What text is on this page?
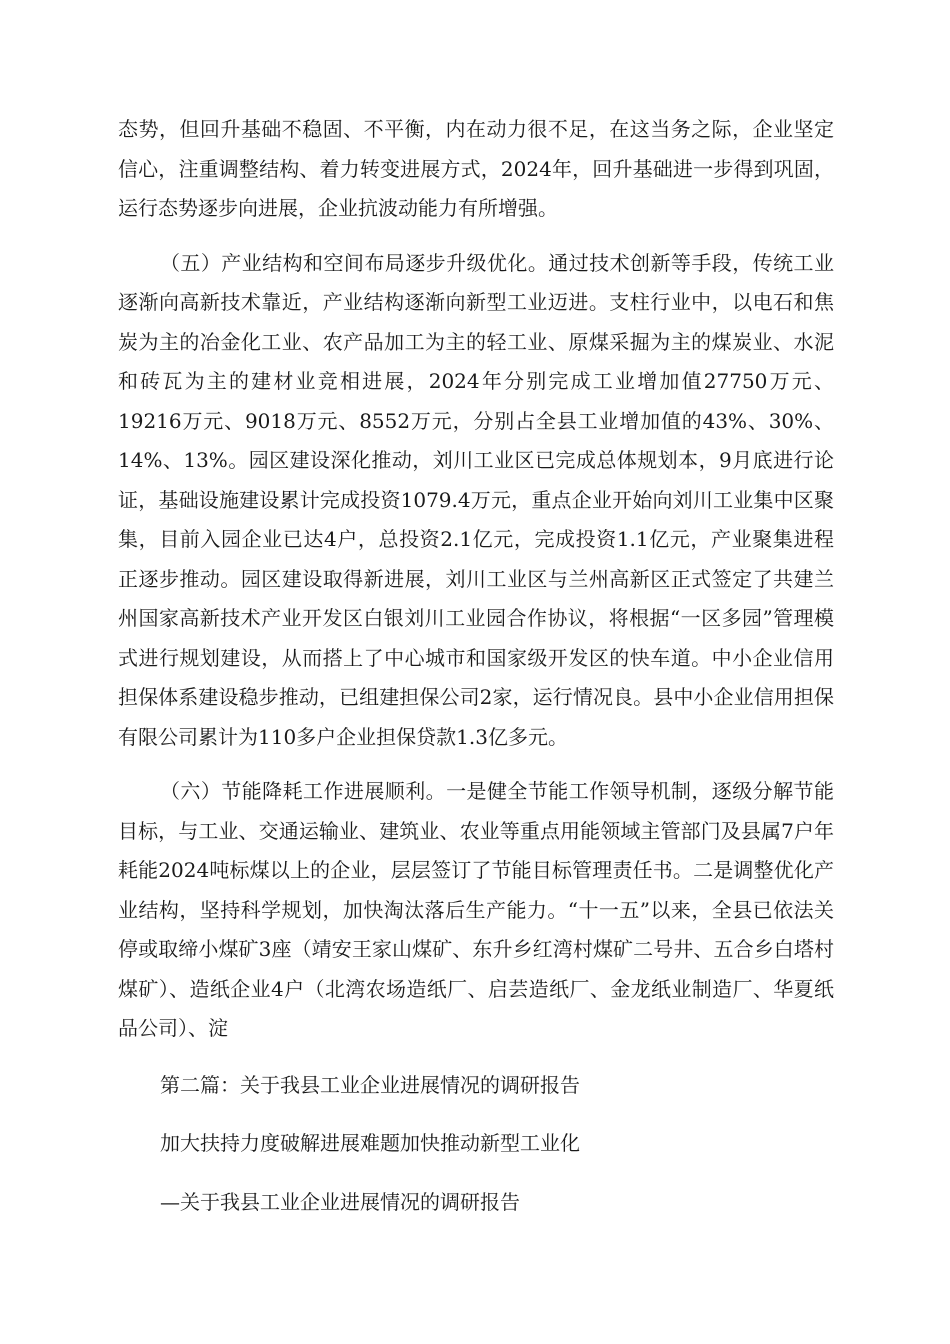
态势，但回升基础不稳固、不平衡，内在动力很不足，在这当务之际，企业坚定信心，注重调整结构、着力转变进展方式，2024年，回升基础进一步得到巩固，运行态势逐步向进展，企业抗波动能力有所增强。

（五）产业结构和空间布局逐步升级优化。通过技术创新等手段，传统工业逐渐向高新技术靠近，产业结构逐渐向新型工业迈进。支柱行业中，以电石和焦炭为主的冶金化工业、农产品加工为主的轻工业、原煤采掘为主的煤炭业、水泥和砖瓦为主的建材业竞相进展，2024年分别完成工业增加值27750万元、19216万元、9018万元、8552万元，分别占全县工业增加值的43%、30%、14%、13%。园区建设深化推动，刘川工业区已完成总体规划本，9月底进行论证，基础设施建设累计完成投资1079.4万元，重点企业开始向刘川工业集中区聚集，目前入园企业已达4户，总投资2.1亿元，完成投资1.1亿元，产业聚集进程正逐步推动。园区建设取得新进展，刘川工业区与兰州高新区正式签定了共建兰州国家高新技术产业开发区白银刘川工业园合作协议，将根据“一区多园”管理模式进行规划建设，从而搭上了中心城市和国家级开发区的快车道。中小企业信用担保体系建设稳步推动，已组建担保公司2家，运行情况良。县中小企业信用担保有限公司累计为110多户企业担保贷款1.3亿多元。

（六）节能降耗工作进展顺利。一是健全节能工作领导机制，逐级分解节能目标，与工业、交通运输业、建筑业、农业等重点用能领域主管部门及县属7户年耗能2024吨标煤以上的企业，层层签订了节能目标管理责任书。二是调整优化产业结构，坚持科学规划，加快淘汰落后生产能力。“十一五”以来，全县已依法关停或取缔小煤矿3座（靖安王家山煤矿、东升乡红湾村煤矿二号井、五合乡白塔村煤矿）、造纸企业4户（北湾农场造纸厂、启芸造纸厂、金龙纸业制造厂、华夏纸品公司）、淀

第二篇：关于我县工业企业进展情况的调研报告

加大扶持力度破解进展难题加快推动新型工业化

—关于我县工业企业进展情况的调研报告
